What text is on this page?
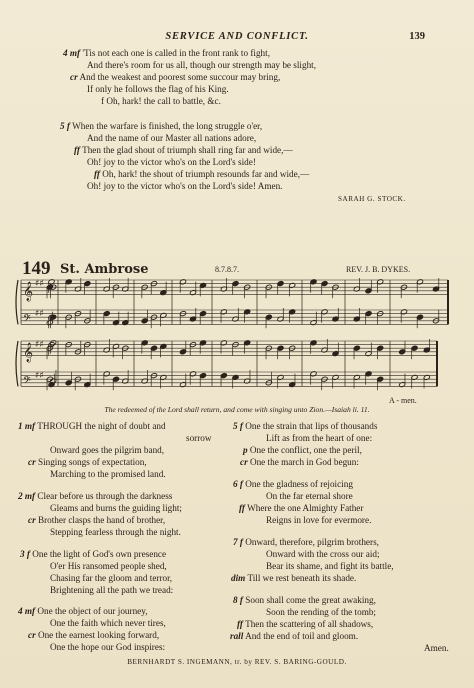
SERVICE AND CONFLICT.	139
4 mf 'Tis not each one is called in the front rank to fight,
And there's room for us all, though our strength may be slight,
cr And the weakest and poorest some succour may bring,
If only he follows the flag of his King.
f Oh, hark! the call to battle, &c.
5 f When the warfare is finished, the long struggle o'er,
And the name of our Master all nations adore,
ff Then the glad shout of triumph shall ring far and wide,—
Oh! joy to the victor who's on the Lord's side!
ff Oh, hark! the shout of triumph resounds far and wide,—
Oh! joy to the victor who's on the Lord's side! Amen.
SARAH G. STOCK.
149 St. Ambrose	8.7.8.7.	REV. J. B. DYKES.
𝄞 ♯♯
𝄢 ♯♯
𝄞 ♯♯
𝄢 ♯♯
A - men.
The redeemed of the Lord shall return, and come with singing unto Zion.—Isaiah li. 11.
1 mf THROUGH the night of doubt and
sorrow
Onward goes the pilgrim band,
cr Singing songs of expectation,
Marching to the promised land.
2 mf Clear before us through the darkness
Gleams and burns the guiding light;
cr Brother clasps the hand of brother,
Stepping fearless through the night.
3 f One the light of God's own presence
O'er His ransomed people shed,
Chasing far the gloom and terror,
Brightening all the path we tread:
4 mf One the object of our journey,
One the faith which never tires,
cr One the earnest looking forward,
One the hope our God inspires:
5 f One the strain that lips of thousands
Lift as from the heart of one:
p One the conflict, one the peril,
cr One the march in God begun:
6 f One the gladness of rejoicing
On the far eternal shore
ff Where the one Almighty Father
Reigns in love for evermore.
7 f Onward, therefore, pilgrim brothers,
Onward with the cross our aid;
Bear its shame, and fight its battle,
dim Till we rest beneath its shade.
8 f Soon shall come the great awaking,
Soon the rending of the tomb;
ff Then the scattering of all shadows,
rall And the end of toil and gloom.
Amen.
BERNHARDT S. INGEMANN, tr. by REV. S. BARING-GOULD.
